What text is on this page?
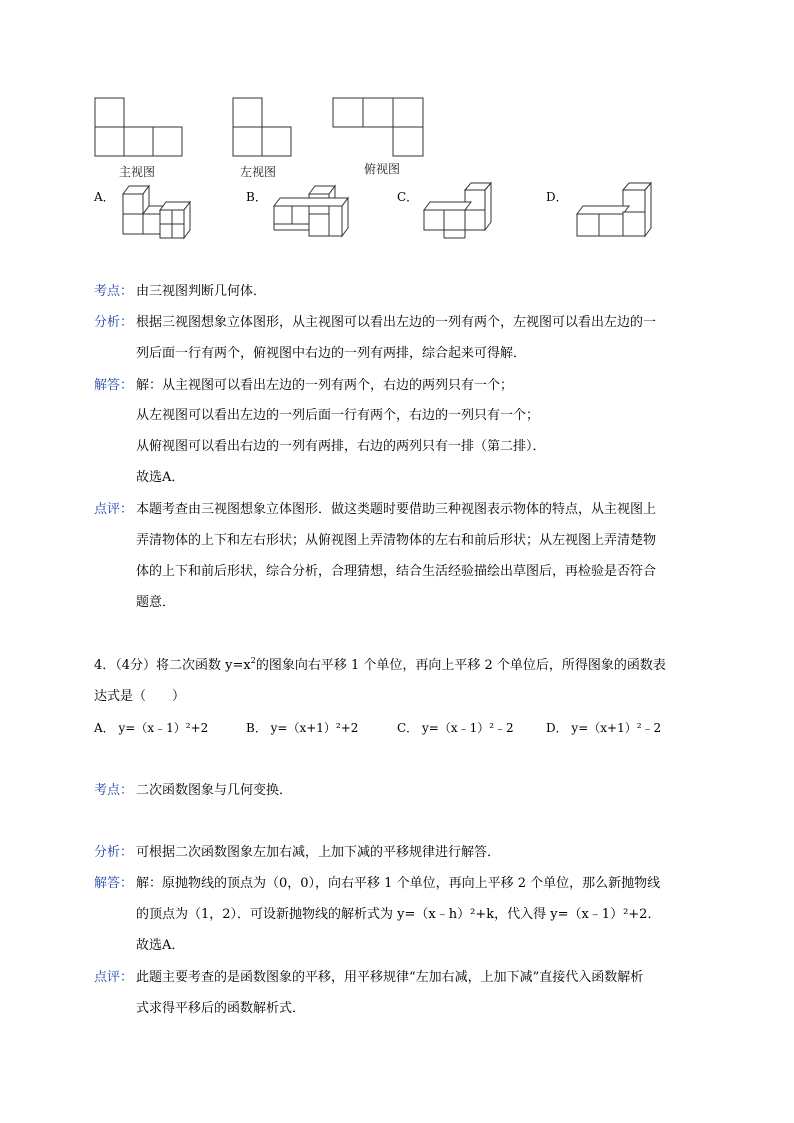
主视图	左视图	俯视图
A．	B．	C．	D．
考点： 由三视图判断几何体．
分析： 根据三视图想象立体图形，从主视图可以看出左边的一列有两个，左视图可以看出左边的一
列后面一行有两个，俯视图中右边的一列有两排，综合起来可得解．
解答： 解：从主视图可以看出左边的一列有两个，右边的两列只有一个；
从左视图可以看出左边的一列后面一行有两个，右边的一列只有一个；
从俯视图可以看出右边的一列有两排，右边的两列只有一排（第二排）．
故选A．
点评： 本题考查由三视图想象立体图形．做这类题时要借助三种视图表示物体的特点，从主视图上
弄清物体的上下和左右形状；从俯视图上弄清物体的左右和前后形状；从左视图上弄清楚物
体的上下和前后形状，综合分析，合理猜想，结合生活经验描绘出草图后，再检验是否符合
题意．
4．（4分）将二次函数 $y=x^2$的图象向右平移 1 个单位，再向上平移 2 个单位后，所得图象的函数表
达式是（　　）
A． y=（x﹣1）²+2	B． y=（x+1）²+2	C． y=（x﹣1）²﹣2	D． y=（x+1）²﹣2
考点： 二次函数图象与几何变换．
分析： 可根据二次函数图象左加右减，上加下减的平移规律进行解答．
解答： 解：原抛物线的顶点为（0，0），向右平移 1 个单位，再向上平移 2 个单位，那么新抛物线
的顶点为（1，2）．可设新抛物线的解析式为 y=（x﹣h）²+k，代入得 y=（x﹣1）²+2．
故选A．
点评： 此题主要考查的是函数图象的平移，用平移规律“左加右减，上加下减”直接代入函数解析
式求得平移后的函数解析式．
